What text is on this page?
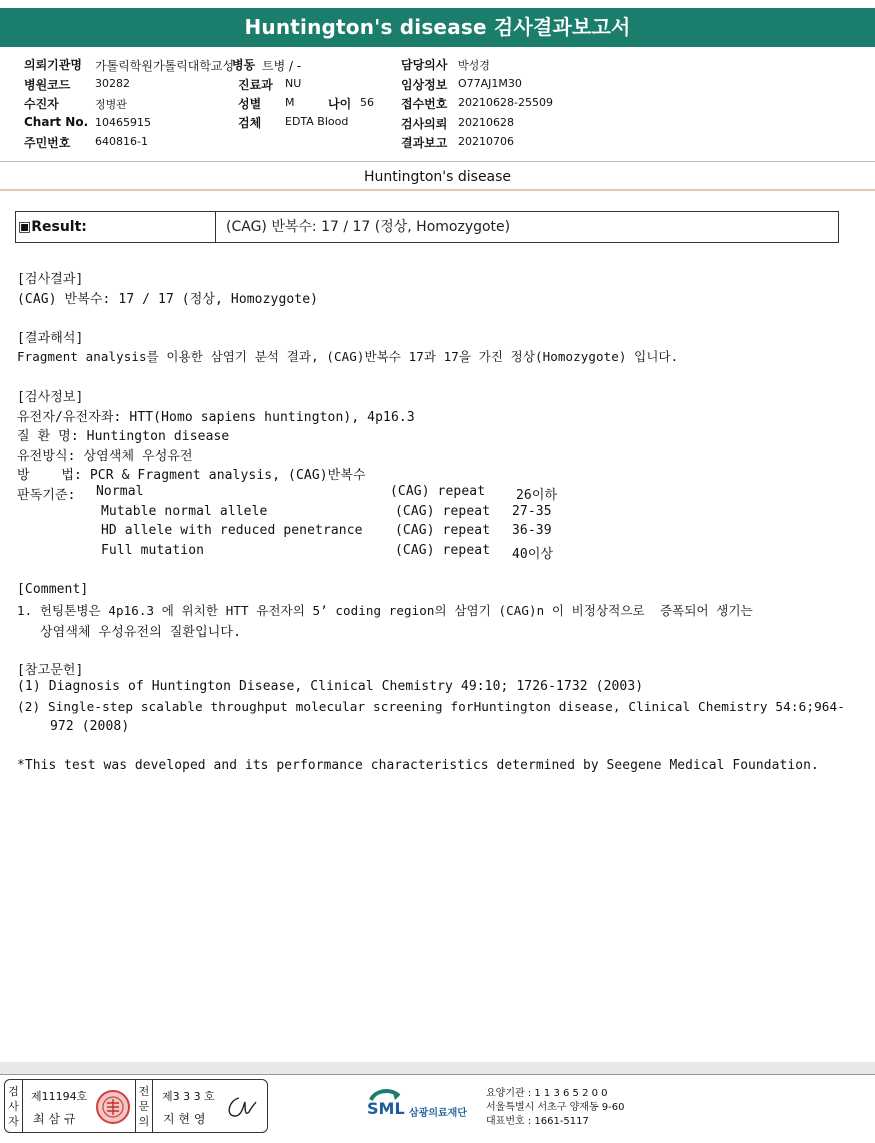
Huntington's disease 검사결과보고서
의뢰기관명 가톨릭학원가톨릭대학교성
병동 트병 / -	담당의사 박성경
병원코드 30282	진료과 NU	임상정보 O77AJ1M30
수진자	정병관	성별 M	나이 56 접수번호 20210628-25509
Chart No. 10465915	검체 EDTA Blood	검사의뢰 20210628
주민번호 640816-1	결과보고 20210706
Huntington's disease
▣Result:	(CAG) 반복수: 17 / 17 (정상, Homozygote)
[검사결과]
(CAG) 반복수: 17 / 17 (정상, Homozygote)
[결과해석]
Fragment analysis를 이용한 삼염기 분석 결과, (CAG)반복수 17과 17을 가진 정상(Homozygote) 입니다.
[검사정보]
유전자/유전자좌: HTT(Homo sapiens huntington), 4p16.3
질 환 명: Huntington disease
유전방식: 상염색체 우성유전
방    법: PCR & Fragment analysis, (CAG)반복수
판독기준: Normal	(CAG) repeat 26이하
Mutable normal allele	(CAG) repeat 27-35
HD allele with reduced penetrance (CAG) repeat 36-39
Full mutation	(CAG) repeat 40이상
[Comment]
1. 헌팅톤병은 4p16.3 에 위치한 HTT 유전자의 5’ coding region의 삼염기 (CAG)n 이 비정상적으로  증폭되어 생기는
상염색체 우성유전의 질환입니다.
[참고문헌]
(1) Diagnosis of Huntington Disease, Clinical Chemistry 49:10; 1726-1732 (2003)
(2) Single-step scalable throughput molecular screening forHuntington disease, Clinical Chemistry 54:6;964-
972 (2008)
*This test was developed and its performance characteristics determined by Seegene Medical Foundation.
검사자
제11194호
최 삼 규
전문의
제3 3 3 호
지 현 영
SML 삼광의료재단
요양기관 : 1 1 3 6 5 2 0 0
서울특별시 서초구 양재동 9-60
대표번호 : 1661-5117
